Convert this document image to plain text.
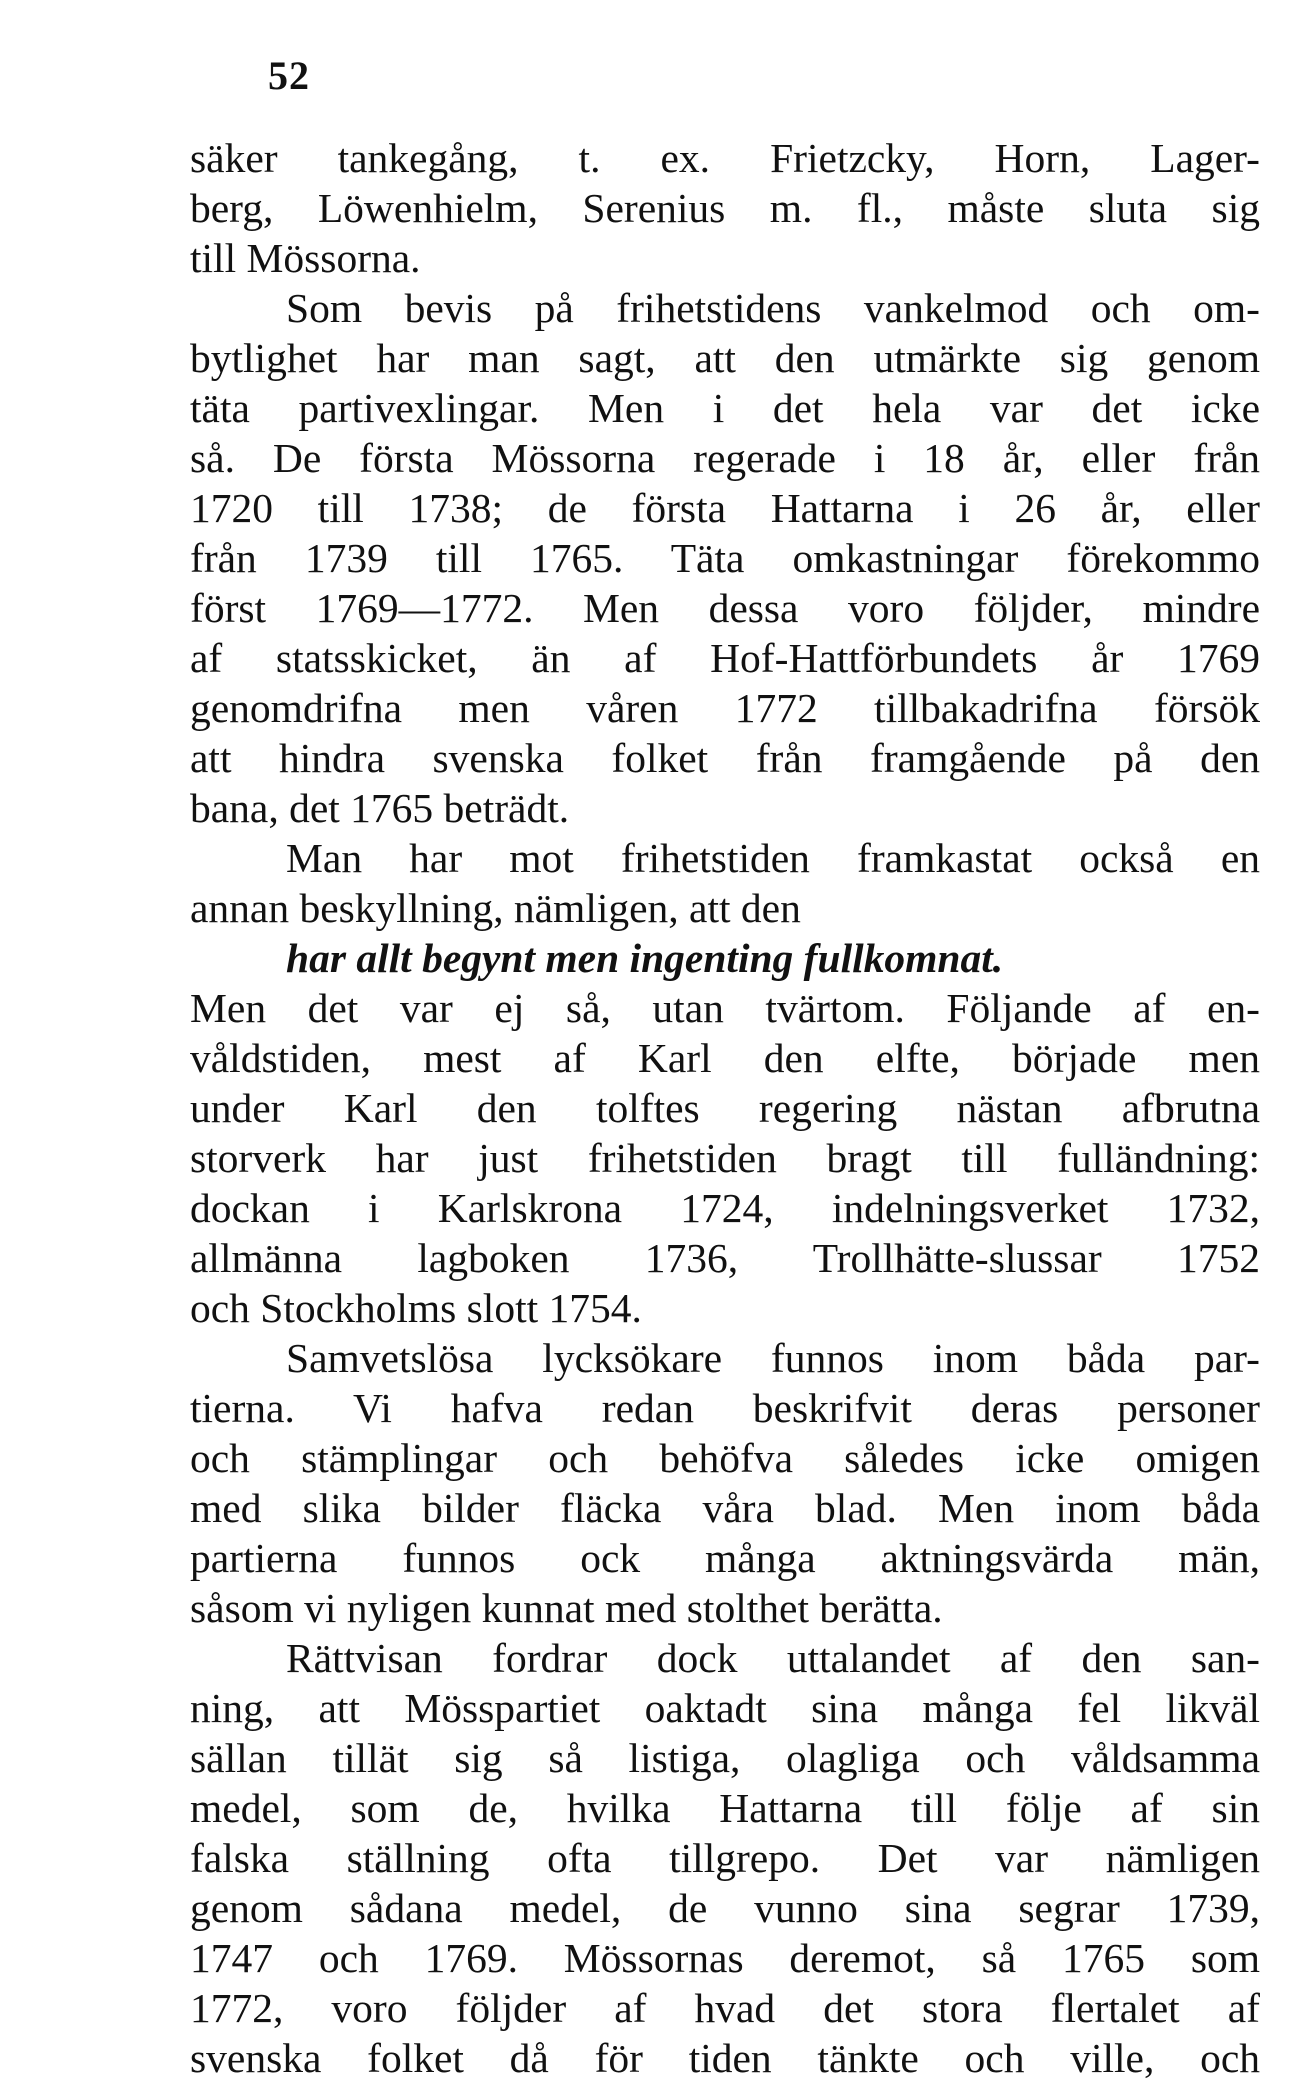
52
säker tankegång, t. ex. Frietzcky, Horn, Lager-
berg, Löwenhielm, Serenius m. fl., måste sluta sig
till Mössorna.
Som bevis på frihetstidens vankelmod och om-
bytlighet har man sagt, att den utmärkte sig genom
täta partivexlingar. Men i det hela var det icke
så. De första Mössorna regerade i 18 år, eller från
1720 till 1738; de första Hattarna i 26 år, eller
från 1739 till 1765. Täta omkastningar förekommo
först 1769—1772. Men dessa voro följder, mindre
af statsskicket, än af Hof-Hattförbundets år 1769
genomdrifna men våren 1772 tillbakadrifna försök
att hindra svenska folket från framgående på den
bana, det 1765 beträdt.
Man har mot frihetstiden framkastat också en
annan beskyllning, nämligen, att den
har allt begynt men ingenting fullkomnat.
Men det var ej så, utan tvärtom. Följande af en-
våldstiden, mest af Karl den elfte, började men
under Karl den tolftes regering nästan afbrutna
storverk har just frihetstiden bragt till fulländning:
dockan i Karlskrona 1724, indelningsverket 1732,
allmänna lagboken 1736, Trollhätte-slussar 1752
och Stockholms slott 1754.
Samvetslösa lycksökare funnos inom båda par-
tierna. Vi hafva redan beskrifvit deras personer
och stämplingar och behöfva således icke omigen
med slika bilder fläcka våra blad. Men inom båda
partierna funnos ock många aktningsvärda män,
såsom vi nyligen kunnat med stolthet berätta.
Rättvisan fordrar dock uttalandet af den san-
ning, att Mösspartiet oaktadt sina många fel likväl
sällan tillät sig så listiga, olagliga och våldsamma
medel, som de, hvilka Hattarna till följe af sin
falska ställning ofta tillgrepo. Det var nämligen
genom sådana medel, de vunno sina segrar 1739,
1747 och 1769. Mössornas deremot, så 1765 som
1772, voro följder af hvad det stora flertalet af
svenska folket då för tiden tänkte och ville, och
